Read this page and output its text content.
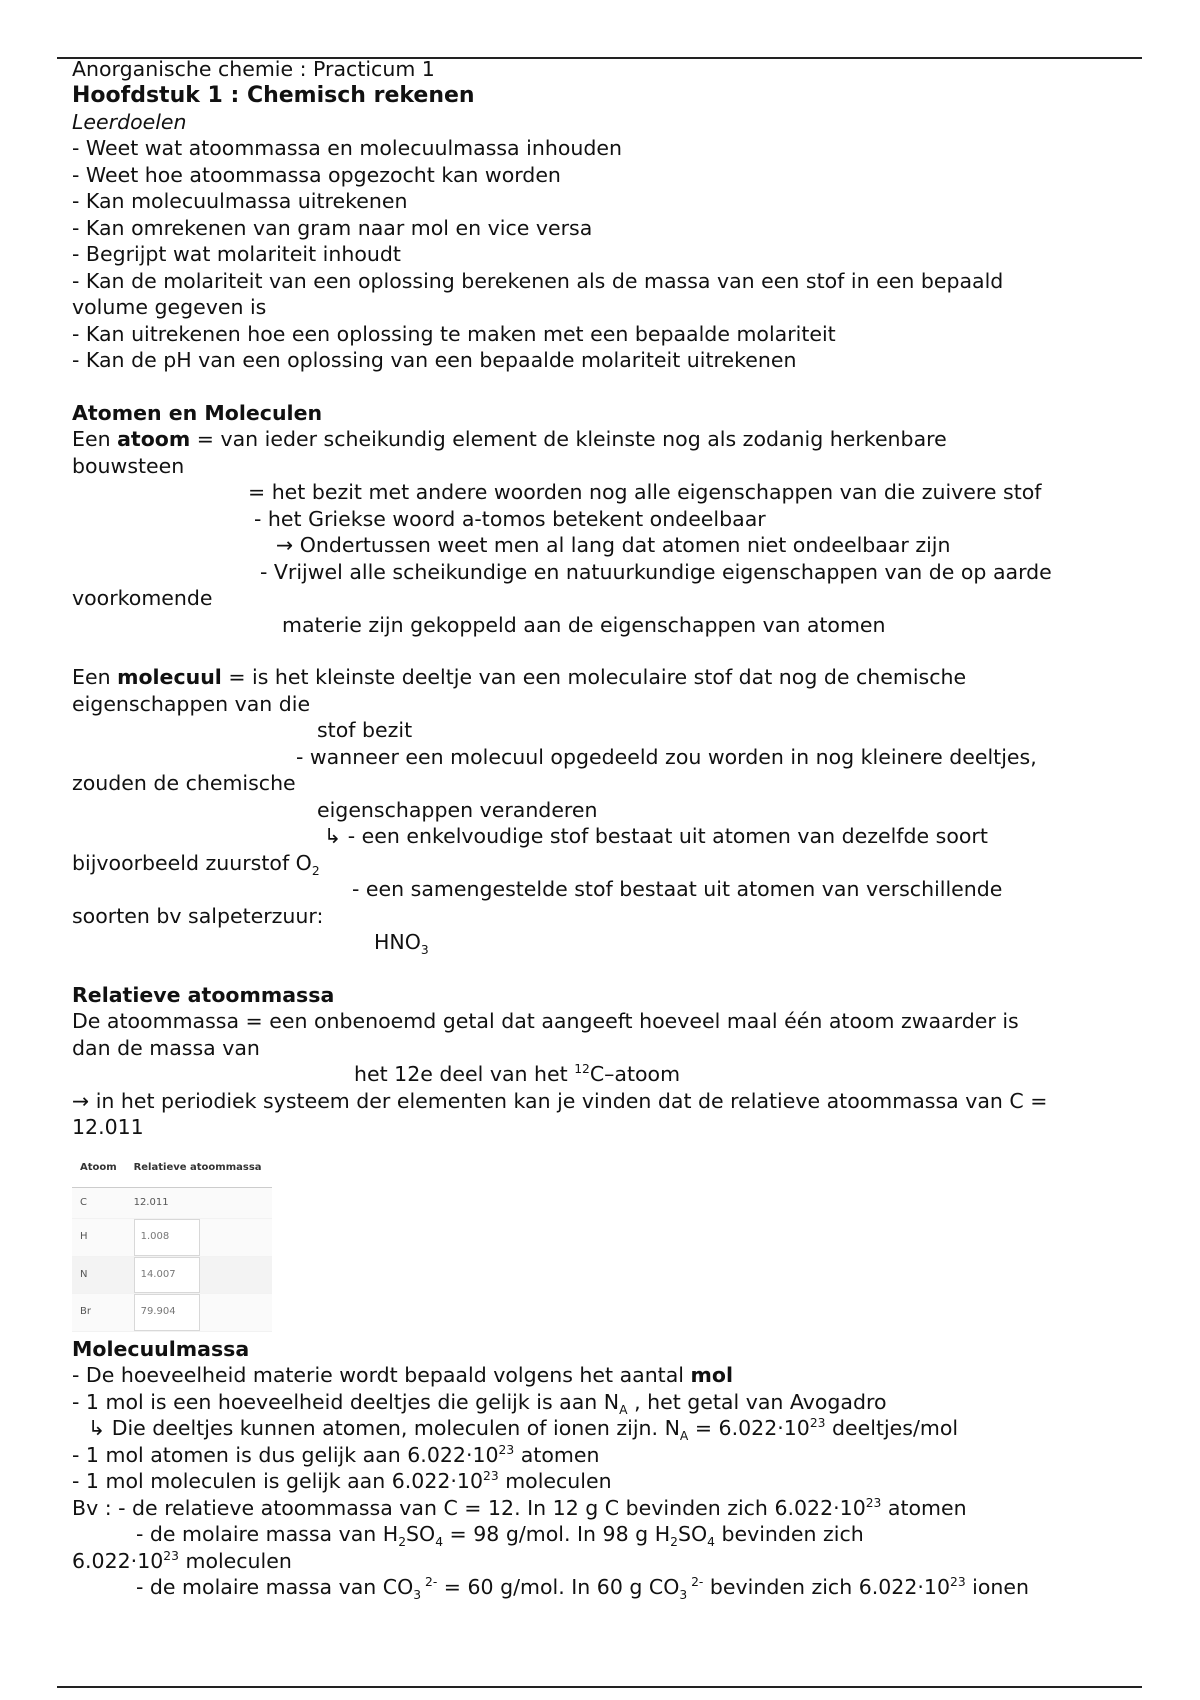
Anorganische chemie : Practicum 1

Hoofdstuk 1 : Chemisch rekenen

Leerdoelen

- Weet wat atoommassa en molecuulmassa inhouden

- Weet hoe atoommassa opgezocht kan worden

- Kan molecuulmassa uitrekenen

- Kan omrekenen van gram naar mol en vice versa

- Begrijpt wat molariteit inhoudt

- Kan de molariteit van een oplossing berekenen als de massa van een stof in een bepaald

volume gegeven is

- Kan uitrekenen hoe een oplossing te maken met een bepaalde molariteit

- Kan de pH van een oplossing van een bepaalde molariteit uitrekenen

Atomen en Moleculen

Een atoom = van ieder scheikundig element de kleinste nog als zodanig herkenbare

bouwsteen

= het bezit met andere woorden nog alle eigenschappen van die zuivere stof

- het Griekse woord a-tomos betekent ondeelbaar

→ Ondertussen weet men al lang dat atomen niet ondeelbaar zijn

- Vrijwel alle scheikundige en natuurkundige eigenschappen van de op aarde

voorkomende

materie zijn gekoppeld aan de eigenschappen van atomen

Een molecuul = is het kleinste deeltje van een moleculaire stof dat nog de chemische

eigenschappen van die

stof bezit

- wanneer een molecuul opgedeeld zou worden in nog kleinere deeltjes,

zouden de chemische

eigenschappen veranderen

↳ - een enkelvoudige stof bestaat uit atomen van dezelfde soort

bijvoorbeeld zuurstof $O_2$

- een samengestelde stof bestaat uit atomen van verschillende

soorten bv salpeterzuur:

$HNO_3$

Relatieve atoommassa

De atoommassa = een onbenoemd getal dat aangeeft hoeveel maal één atoom zwaarder is

dan de massa van

het 12e deel van het $^{12}$C–atoom

→ in het periodiek systeem der elementen kan je vinden dat de relatieve atoommassa van C =

12.011

Atoom	Relatieve atoommassa
C	12.011
H	1.008
N	14.007
Br	79.904

Molecuulmassa

- De hoeveelheid materie wordt bepaald volgens het aantal mol

- 1 mol is een hoeveelheid deeltjes die gelijk is aan $N_A$ , het getal van Avogadro

↳ Die deeltjes kunnen atomen, moleculen of ionen zijn. $N_A = 6.022\cdot 10^{23}$ deeltjes/mol

- 1 mol atomen is dus gelijk aan $6.022\cdot 10^{23}$ atomen

- 1 mol moleculen is gelijk aan $6.022\cdot 10^{23}$ moleculen

Bv : - de relatieve atoommassa van C = 12. In 12 g C bevinden zich $6.022\cdot 10^{23}$ atomen

- de molaire massa van $H_2SO_4 = 98$ g/mol. In 98 g $H_2SO_4$ bevinden zich

$6.022\cdot 10^{23}$ moleculen

- de molaire massa van $CO_3$ $^{2-}$ = 60 g/mol. In 60 g $CO_3$ $^{2-}$ bevinden zich $6.022\cdot 10^{23}$ ionen
